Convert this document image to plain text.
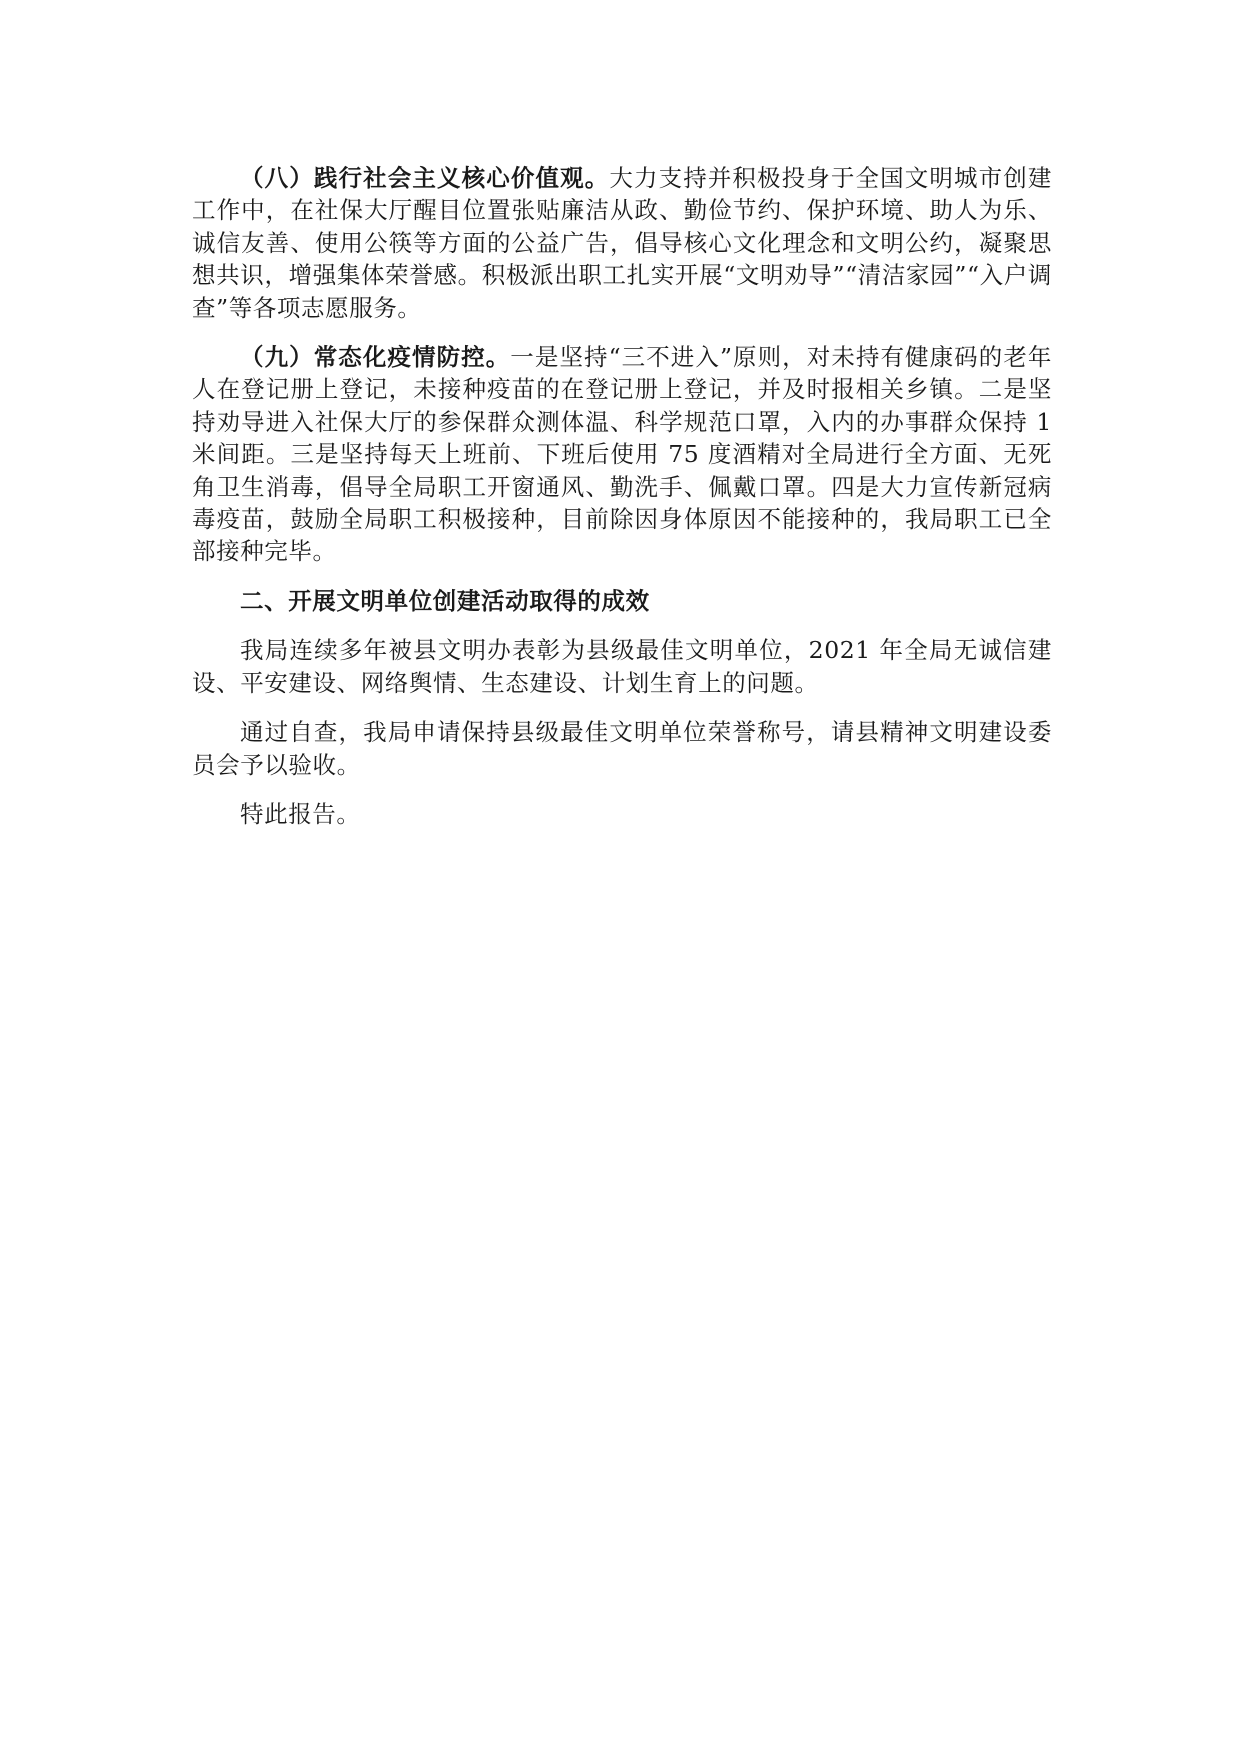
（八）践行社会主义核心价值观。大力支持并积极投身于全国文明城市创建工作中，在社保大厅醒目位置张贴廉洁从政、勤俭节约、保护环境、助人为乐、诚信友善、使用公筷等方面的公益广告，倡导核心文化理念和文明公约，凝聚思想共识，增强集体荣誉感。积极派出职工扎实开展“文明劝导”“清洁家园”“入户调查”等各项志愿服务。

（九）常态化疫情防控。一是坚持“三不进入”原则，对未持有健康码的老年人在登记册上登记，未接种疫苗的在登记册上登记，并及时报相关乡镇。二是坚持劝导进入社保大厅的参保群众测体温、科学规范口罩，入内的办事群众保持 1 米间距。三是坚持每天上班前、下班后使用 75 度酒精对全局进行全方面、无死角卫生消毒，倡导全局职工开窗通风、勤洗手、佩戴口罩。四是大力宣传新冠病毒疫苗，鼓励全局职工积极接种，目前除因身体原因不能接种的，我局职工已全部接种完毕。

二、开展文明单位创建活动取得的成效

我局连续多年被县文明办表彰为县级最佳文明单位，2021 年全局无诚信建设、平安建设、网络舆情、生态建设、计划生育上的问题。

通过自查，我局申请保持县级最佳文明单位荣誉称号，请县精神文明建设委员会予以验收。

特此报告。
